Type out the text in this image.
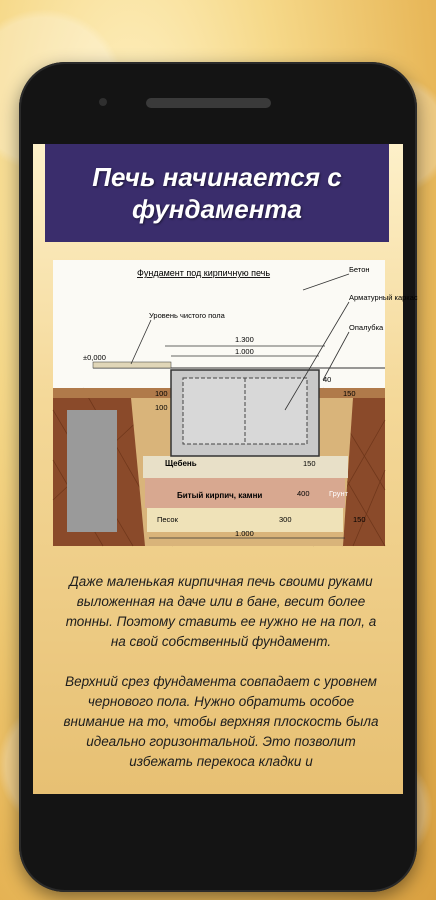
Печь начинается с фундамента
Фундамент под кирпичную печь	Бетон
Арматурный каркас
Опалубка
Уровень чистого пола
±0,000
1.300
1.000
150
40
100
100
1.000
Щебень
Битый кирпич, камни
Песок
Грунт
150
400
300	150

Даже маленькая кирпичная печь своими руками выложенная на даче или в бане, весит более тонны. Поэтому ставить ее нужно не на пол, а на свой собственный фундамент.

Верхний срез фундамента совпадает с уровнем чернового пола. Нужно обратить особое внимание на то, чтобы верхняя плоскость была идеально горизонтальной. Это позволит избежать перекоса кладки и
